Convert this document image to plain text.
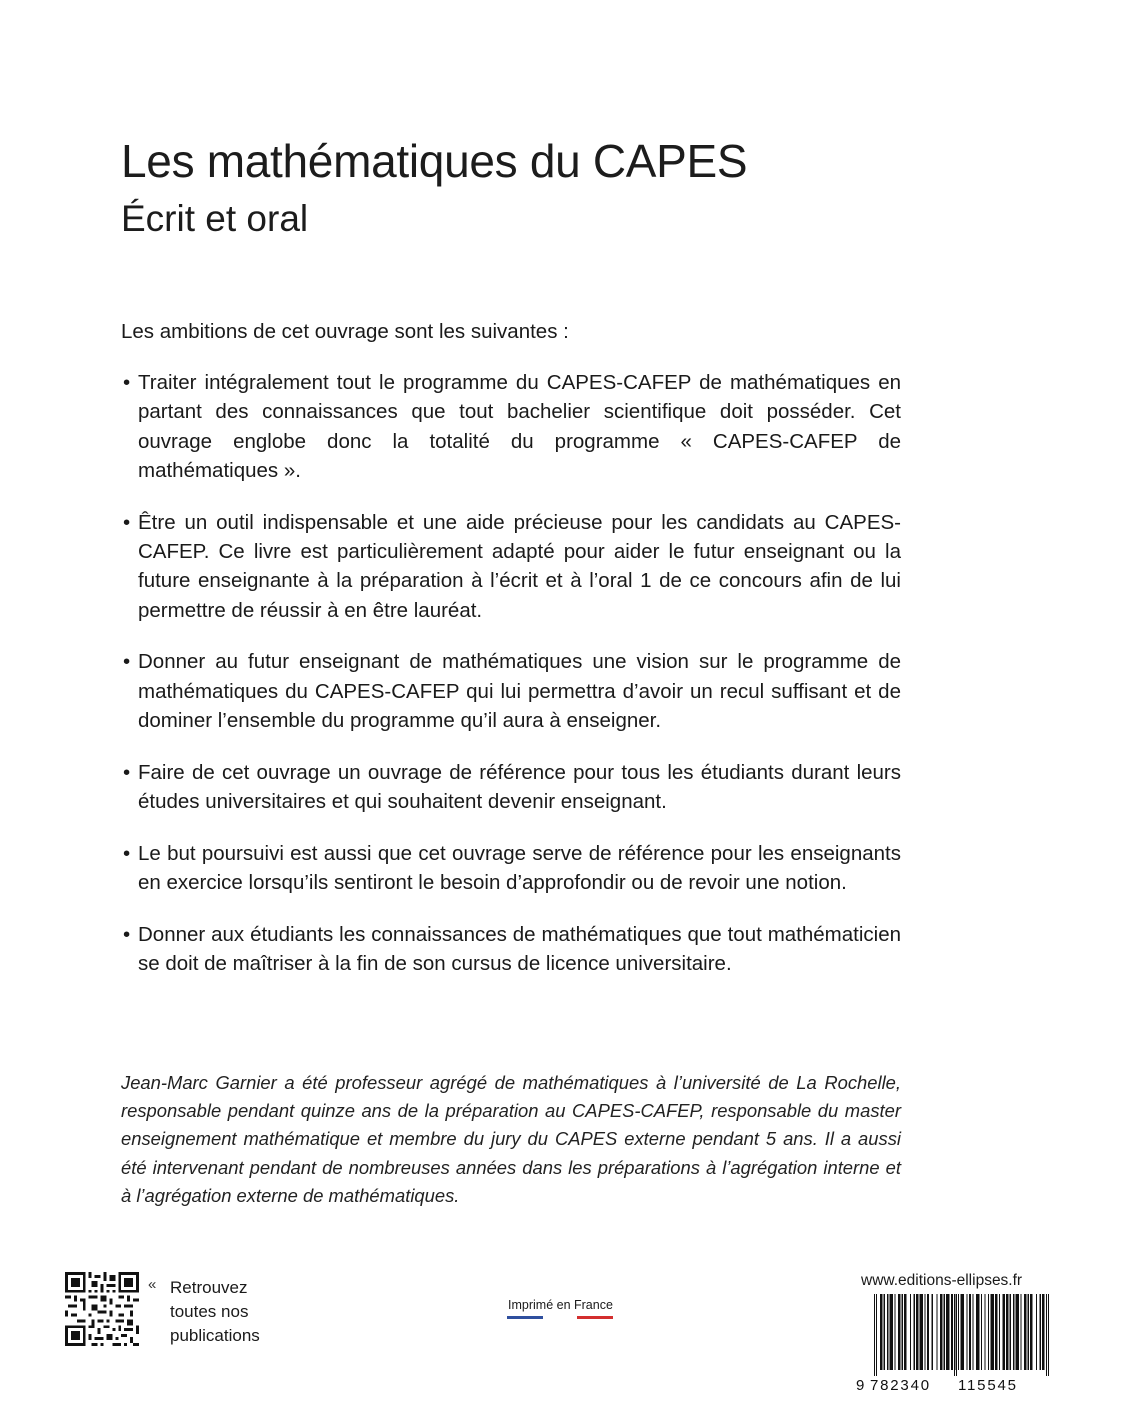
Les mathématiques du CAPES
Écrit et oral
Les ambitions de cet ouvrage sont les suivantes :
• Traiter intégralement tout le programme du CAPES-CAFEP de mathématiques en partant des connaissances que tout bachelier scientifique doit posséder. Cet ouvrage englobe donc la totalité du programme « CAPES-CAFEP de mathématiques ».
• Être un outil indispensable et une aide précieuse pour les candidats au CAPES-CAFEP. Ce livre est particulièrement adapté pour aider le futur enseignant ou la future enseignante à la préparation à l’écrit et à l’oral 1 de ce concours afin de lui permettre de réussir à en être lauréat.
• Donner au futur enseignant de mathématiques une vision sur le programme de mathématiques du CAPES-CAFEP qui lui permettra d’avoir un recul suffisant et de dominer l’ensemble du programme qu’il aura à enseigner.
• Faire de cet ouvrage un ouvrage de référence pour tous les étudiants durant leurs études universitaires et qui souhaitent devenir enseignant.
• Le but poursuivi est aussi que cet ouvrage serve de référence pour les enseignants en exercice lorsqu’ils sentiront le besoin d’approfondir ou de revoir une notion.
• Donner aux étudiants les connaissances de mathématiques que tout mathématicien se doit de maîtriser à la fin de son cursus de licence universitaire.
Jean-Marc Garnier a été professeur agrégé de mathématiques à l’université de La Rochelle, responsable pendant quinze ans de la préparation au CAPES-CAFEP, responsable du master enseignement mathématique et membre du jury du CAPES externe pendant 5 ans. Il a aussi été intervenant pendant de nombreuses années dans les préparations à l’agrégation interne et à l’agrégation externe de mathématiques.
« Retrouvez
toutes nos
publications
Imprimé en France
www.editions-ellipses.fr
9 782340 115545
